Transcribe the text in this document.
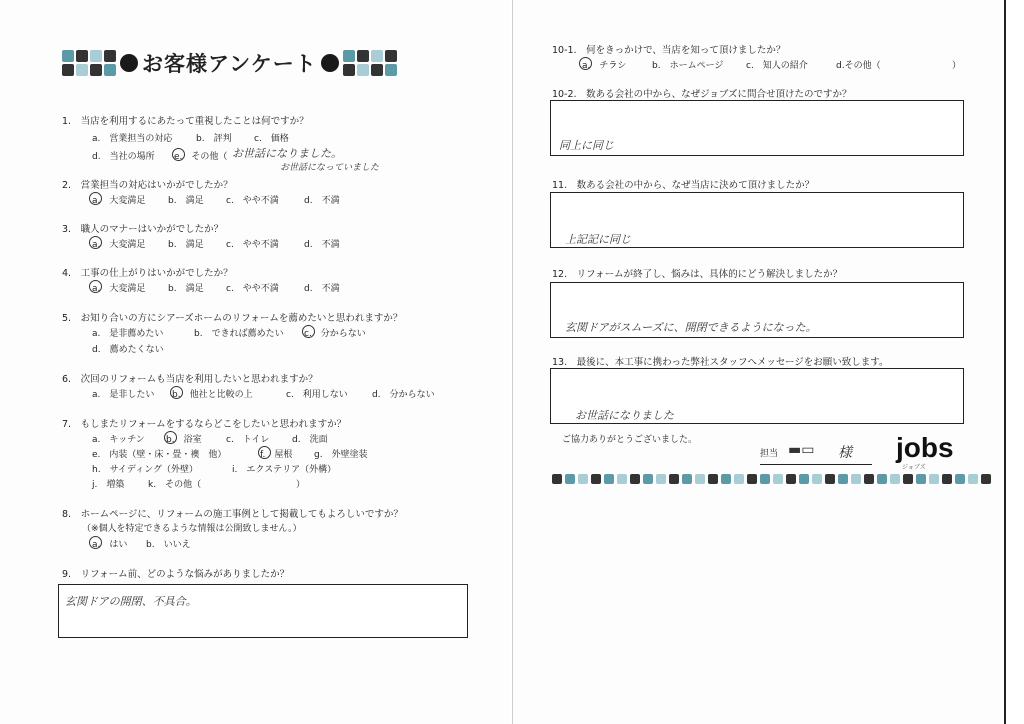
お客様アンケート
1.　当店を利用するにあたって重視したことは何ですか？
a.　営業担当の対応	b.　評判 c.　価格
d.　当社の場所 e.　その他（ お世話になりました。
お世話になっていました
2.　営業担当の対応はいかがでしたか？
a.　大変満足	b.　満足 c.　やや不満	d.　不満
3.　職人のマナーはいかがでしたか？
a.　大変満足	b.　満足 c.　やや不満	d.　不満
4.　工事の仕上がりはいかがでしたか？
a.　大変満足	b.　満足 c.　やや不満	d.　不満
5.　お知り合いの方にシアーズホームのリフォームを薦めたいと思われますか？
a.　是非薦めたい	b.　できれば薦めたい c.　分からない
d.　薦めたくない
6.　次回のリフォームも当店を利用したいと思われますか？
a.　是非したい b.　他社と比較の上	c.　利用しない	d.　分からない
7.　もしまたリフォームをするならどこをしたいと思われますか？
a.　キッチン b.　浴室	c.　トイレ	d.　洗面
e.　内装（壁・床・畳・襖　他）	f.　屋根 g.　外壁塗装
h.　サイディング（外壁）	i.　エクステリア（外構）
j.　増築	k.　その他（	）
8.　ホームページに、リフォームの施工事例として掲載してもよろしいですか？
（※個人を特定できるような情報は公開致しません。）
a.　はい b.　いいえ
9.　リフォーム前、どのような悩みがありましたか？
玄関ドアの開閉、不具合。
10-1.　何をきっかけで、当店を知って頂けましたか？
a.　チラシ	b.　ホームページ	c.　知人の紹介	d.その他（	）
10-2.　数ある会社の中から、なぜジョブズに問合せ頂けたのですか？
同上に同じ
11.　数ある会社の中から、なぜ当店に決めて頂けましたか？
上記記に同じ
12.　リフォームが終了し、悩みは、具体的にどう解決しましたか？
玄関ドアがスムーズに、開閉できるようになった。
13.　最後に、本工事に携わった弊社スタッフへメッセージをお願い致します。
お世話になりました
ご協力ありがとうございました。
担当 ▬▭ 様 jobs
ジョブズ
